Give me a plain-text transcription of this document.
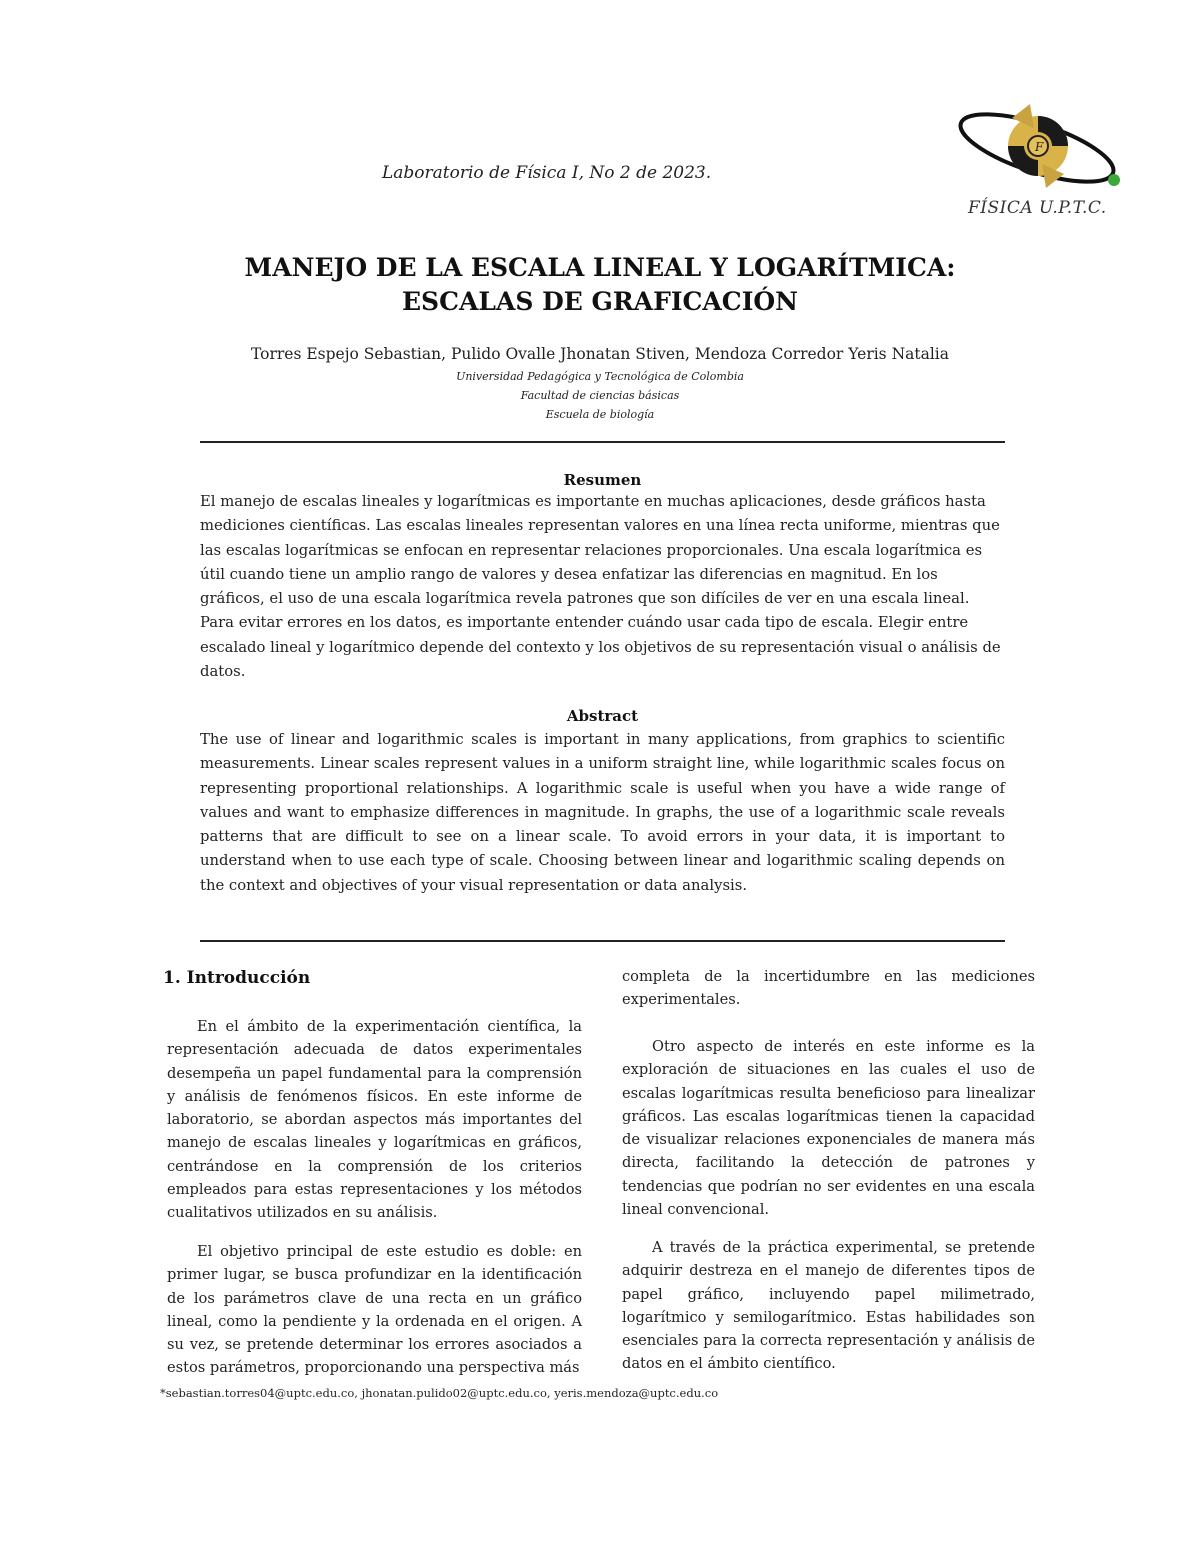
Laboratorio de Física I, No 2 de 2023.
F
FÍSICA U.P.T.C.
MANEJO DE LA ESCALA LINEAL Y LOGARÍTMICA:
ESCALAS DE GRAFICACIÓN
Torres Espejo Sebastian, Pulido Ovalle Jhonatan Stiven, Mendoza Corredor Yeris Natalia
Universidad Pedagógica y Tecnológica de Colombia
Facultad de ciencias básicas
Escuela de biología
Resumen
El manejo de escalas lineales y logarítmicas es importante en muchas aplicaciones, desde gráficos hasta mediciones científicas. Las escalas lineales representan valores en una línea recta uniforme, mientras que las escalas logarítmicas se enfocan en representar relaciones proporcionales. Una escala logarítmica es útil cuando tiene un amplio rango de valores y desea enfatizar las diferencias en magnitud. En los gráficos, el uso de una escala logarítmica revela patrones que son difíciles de ver en una escala lineal. Para evitar errores en los datos, es importante entender cuándo usar cada tipo de escala. Elegir entre escalado lineal y logarítmico depende del contexto y los objetivos de su representación visual o análisis de datos.
Abstract
The use of linear and logarithmic scales is important in many applications, from graphics to scientific measurements. Linear scales represent values in a uniform straight line, while logarithmic scales focus on representing proportional relationships. A logarithmic scale is useful when you have a wide range of values and want to emphasize differences in magnitude. In graphs, the use of a logarithmic scale reveals patterns that are difficult to see on a linear scale. To avoid errors in your data, it is important to understand when to use each type of scale. Choosing between linear and logarithmic scaling depends on the context and objectives of your visual representation or data analysis.
1. Introducción
En el ámbito de la experimentación científica, la representación adecuada de datos experimentales desempeña un papel fundamental para la comprensión y análisis de fenómenos físicos. En este informe de laboratorio, se abordan aspectos más importantes del manejo de escalas lineales y logarítmicas en gráficos, centrándose en la comprensión de los criterios empleados para estas representaciones y los métodos cualitativos utilizados en su análisis.
El objetivo principal de este estudio es doble: en primer lugar, se busca profundizar en la identificación de los parámetros clave de una recta en un gráfico lineal, como la pendiente y la ordenada en el origen. A su vez, se pretende determinar los errores asociados a estos parámetros, proporcionando una perspectiva más
completa de la incertidumbre en las mediciones experimentales.
Otro aspecto de interés en este informe es la exploración de situaciones en las cuales el uso de escalas logarítmicas resulta beneficioso para linealizar gráficos. Las escalas logarítmicas tienen la capacidad de visualizar relaciones exponenciales de manera más directa, facilitando la detección de patrones y tendencias que podrían no ser evidentes en una escala lineal convencional.
A través de la práctica experimental, se pretende adquirir destreza en el manejo de diferentes tipos de papel gráfico, incluyendo papel milimetrado, logarítmico y semilogarítmico. Estas habilidades son esenciales para la correcta representación y análisis de datos en el ámbito científico.
*sebastian.torres04@uptc.edu.co, jhonatan.pulido02@uptc.edu.co, yeris.mendoza@uptc.edu.co
